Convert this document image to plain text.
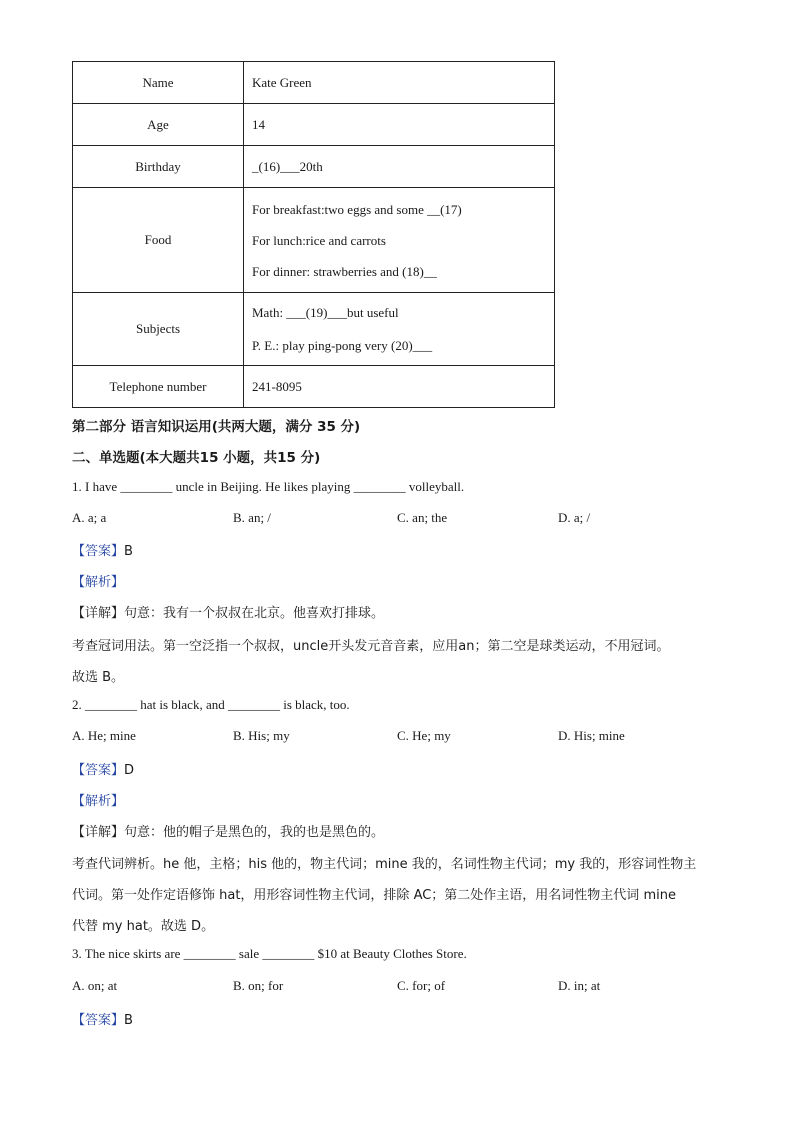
Name	Kate Green
Age	14
Birthday	_(16)___20th
Food	For breakfast:two eggs and some __(17)
For lunch:rice and carrots
For dinner: strawberries and (18)__

Subjects	Math: ___(19)___but useful
P. E.: play ping-pong very (20)___

Telephone number	241-8095
第二部分 语言知识运用(共两大题，满分 35 分)
二、单选题(本大题共15 小题，共15 分)
1. I have ________ uncle in Beijing. He likes playing ________ volleyball.
A. a; a	B. an; /	C. an; the	D. a; /
【答案】B
【解析】
【详解】句意：我有一个叔叔在北京。他喜欢打排球。
考查冠词用法。第一空泛指一个叔叔，uncle开头发元音音素，应用an；第二空是球类运动，不用冠词。
故选 B。
2. ________ hat is black, and ________ is black, too.
A. He; mine	B. His; my	C. He; my	D. His; mine
【答案】D
【解析】
【详解】句意：他的帽子是黑色的，我的也是黑色的。
考查代词辨析。he 他，主格；his 他的，物主代词；mine 我的，名词性物主代词；my 我的，形容词性物主
代词。第一处作定语修饰 hat，用形容词性物主代词，排除 AC；第二处作主语，用名词性物主代词 mine
代替 my hat。故选 D。
3. The nice skirts are ________ sale ________ $10 at Beauty Clothes Store.
A. on; at	B. on; for	C. for; of	D. in; at
【答案】B
